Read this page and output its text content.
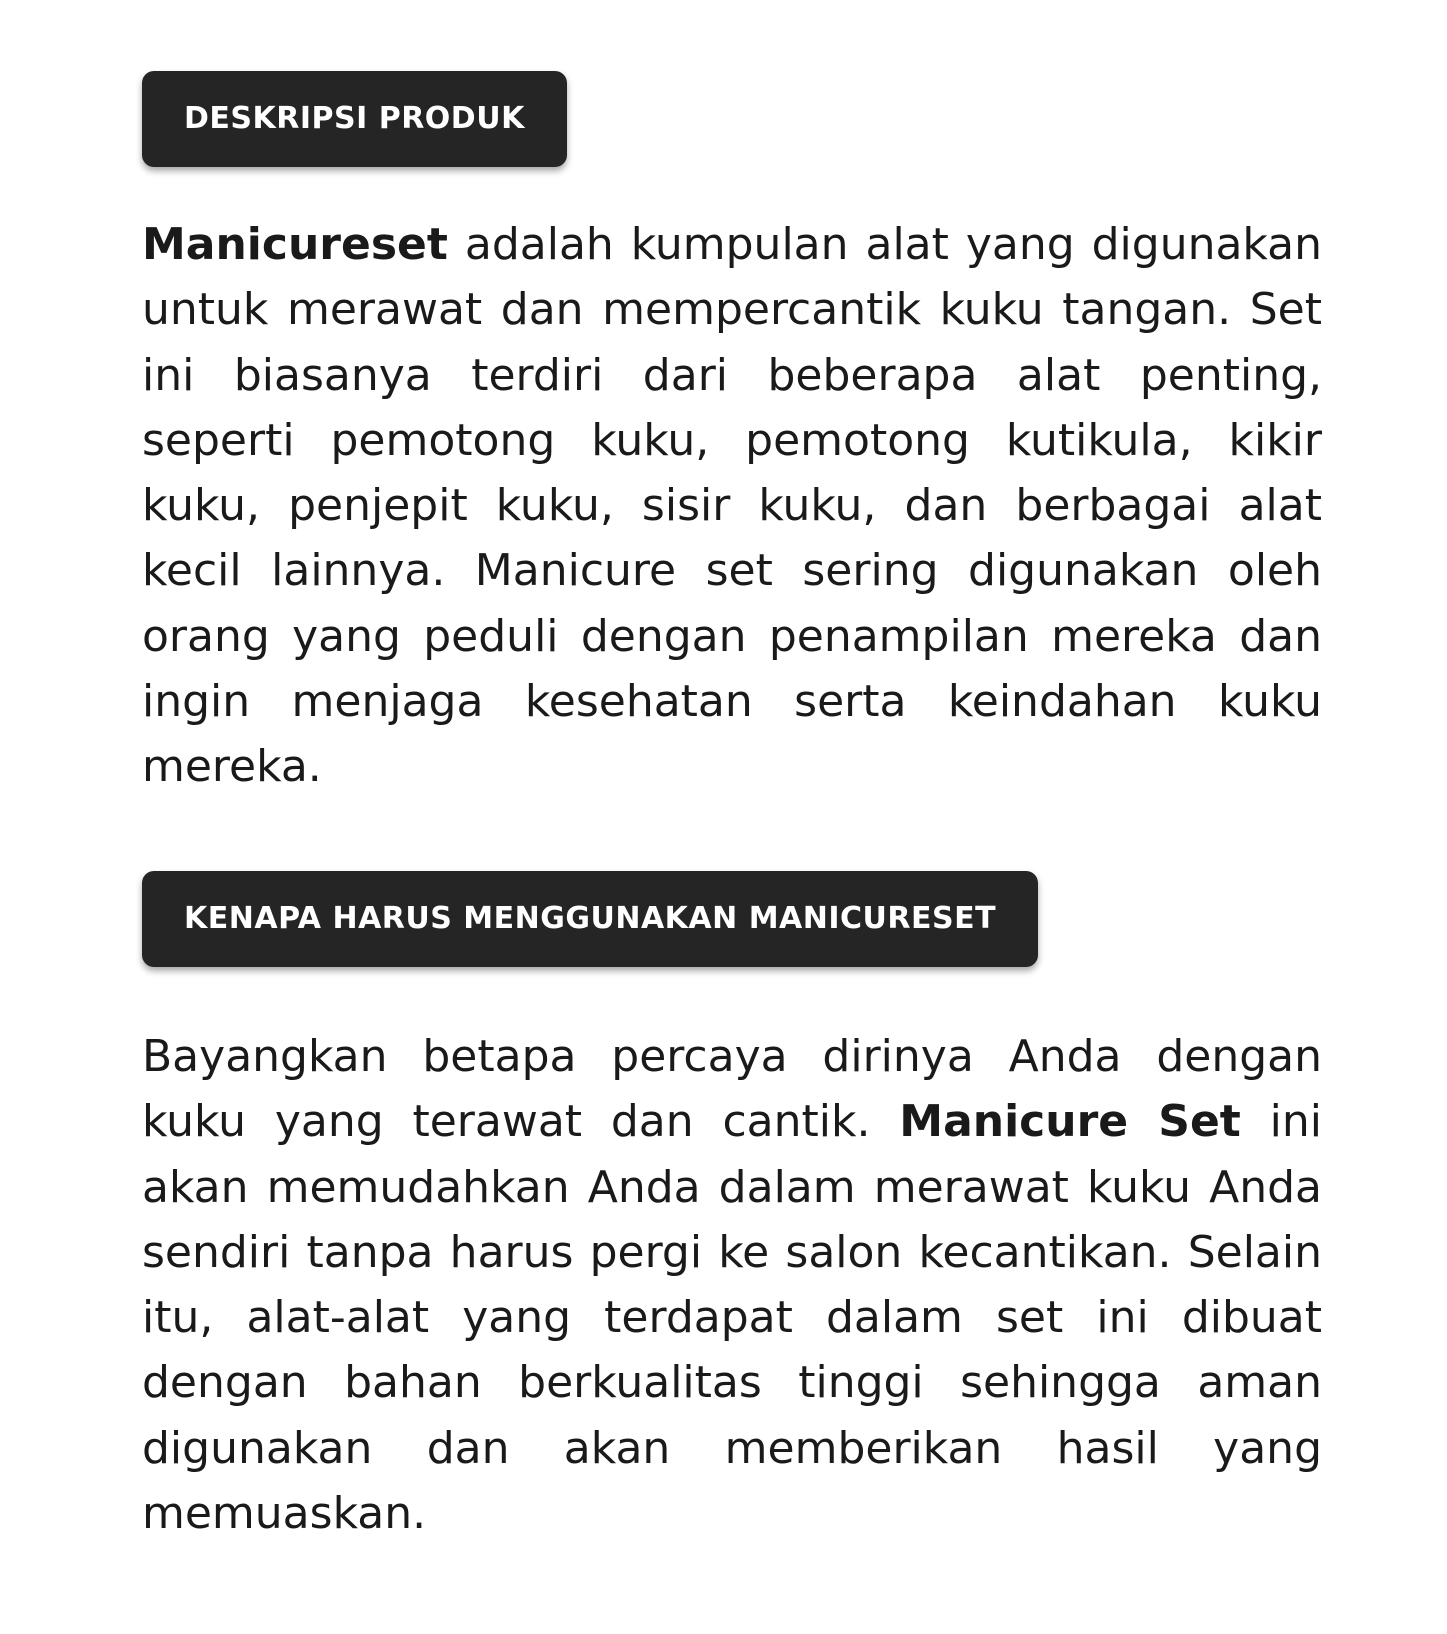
DESKRIPSI PRODUK

Manicureset adalah kumpulan alat yang digunakan untuk merawat dan mempercantik kuku tangan. Set ini biasanya terdiri dari beberapa alat penting, seperti pemotong kuku, pemotong kutikula, kikir kuku, penjepit kuku, sisir kuku, dan berbagai alat kecil lainnya. Manicure set sering digunakan oleh orang yang peduli dengan penampilan mereka dan ingin menjaga kesehatan serta keindahan kuku mereka.

KENAPA HARUS MENGGUNAKAN MANICURESET

Bayangkan betapa percaya dirinya Anda dengan kuku yang terawat dan cantik. Manicure Set ini akan memudahkan Anda dalam merawat kuku Anda sendiri tanpa harus pergi ke salon kecantikan. Selain itu, alat-alat yang terdapat dalam set ini dibuat dengan bahan berkualitas tinggi sehingga aman digunakan dan akan memberikan hasil yang memuaskan.
